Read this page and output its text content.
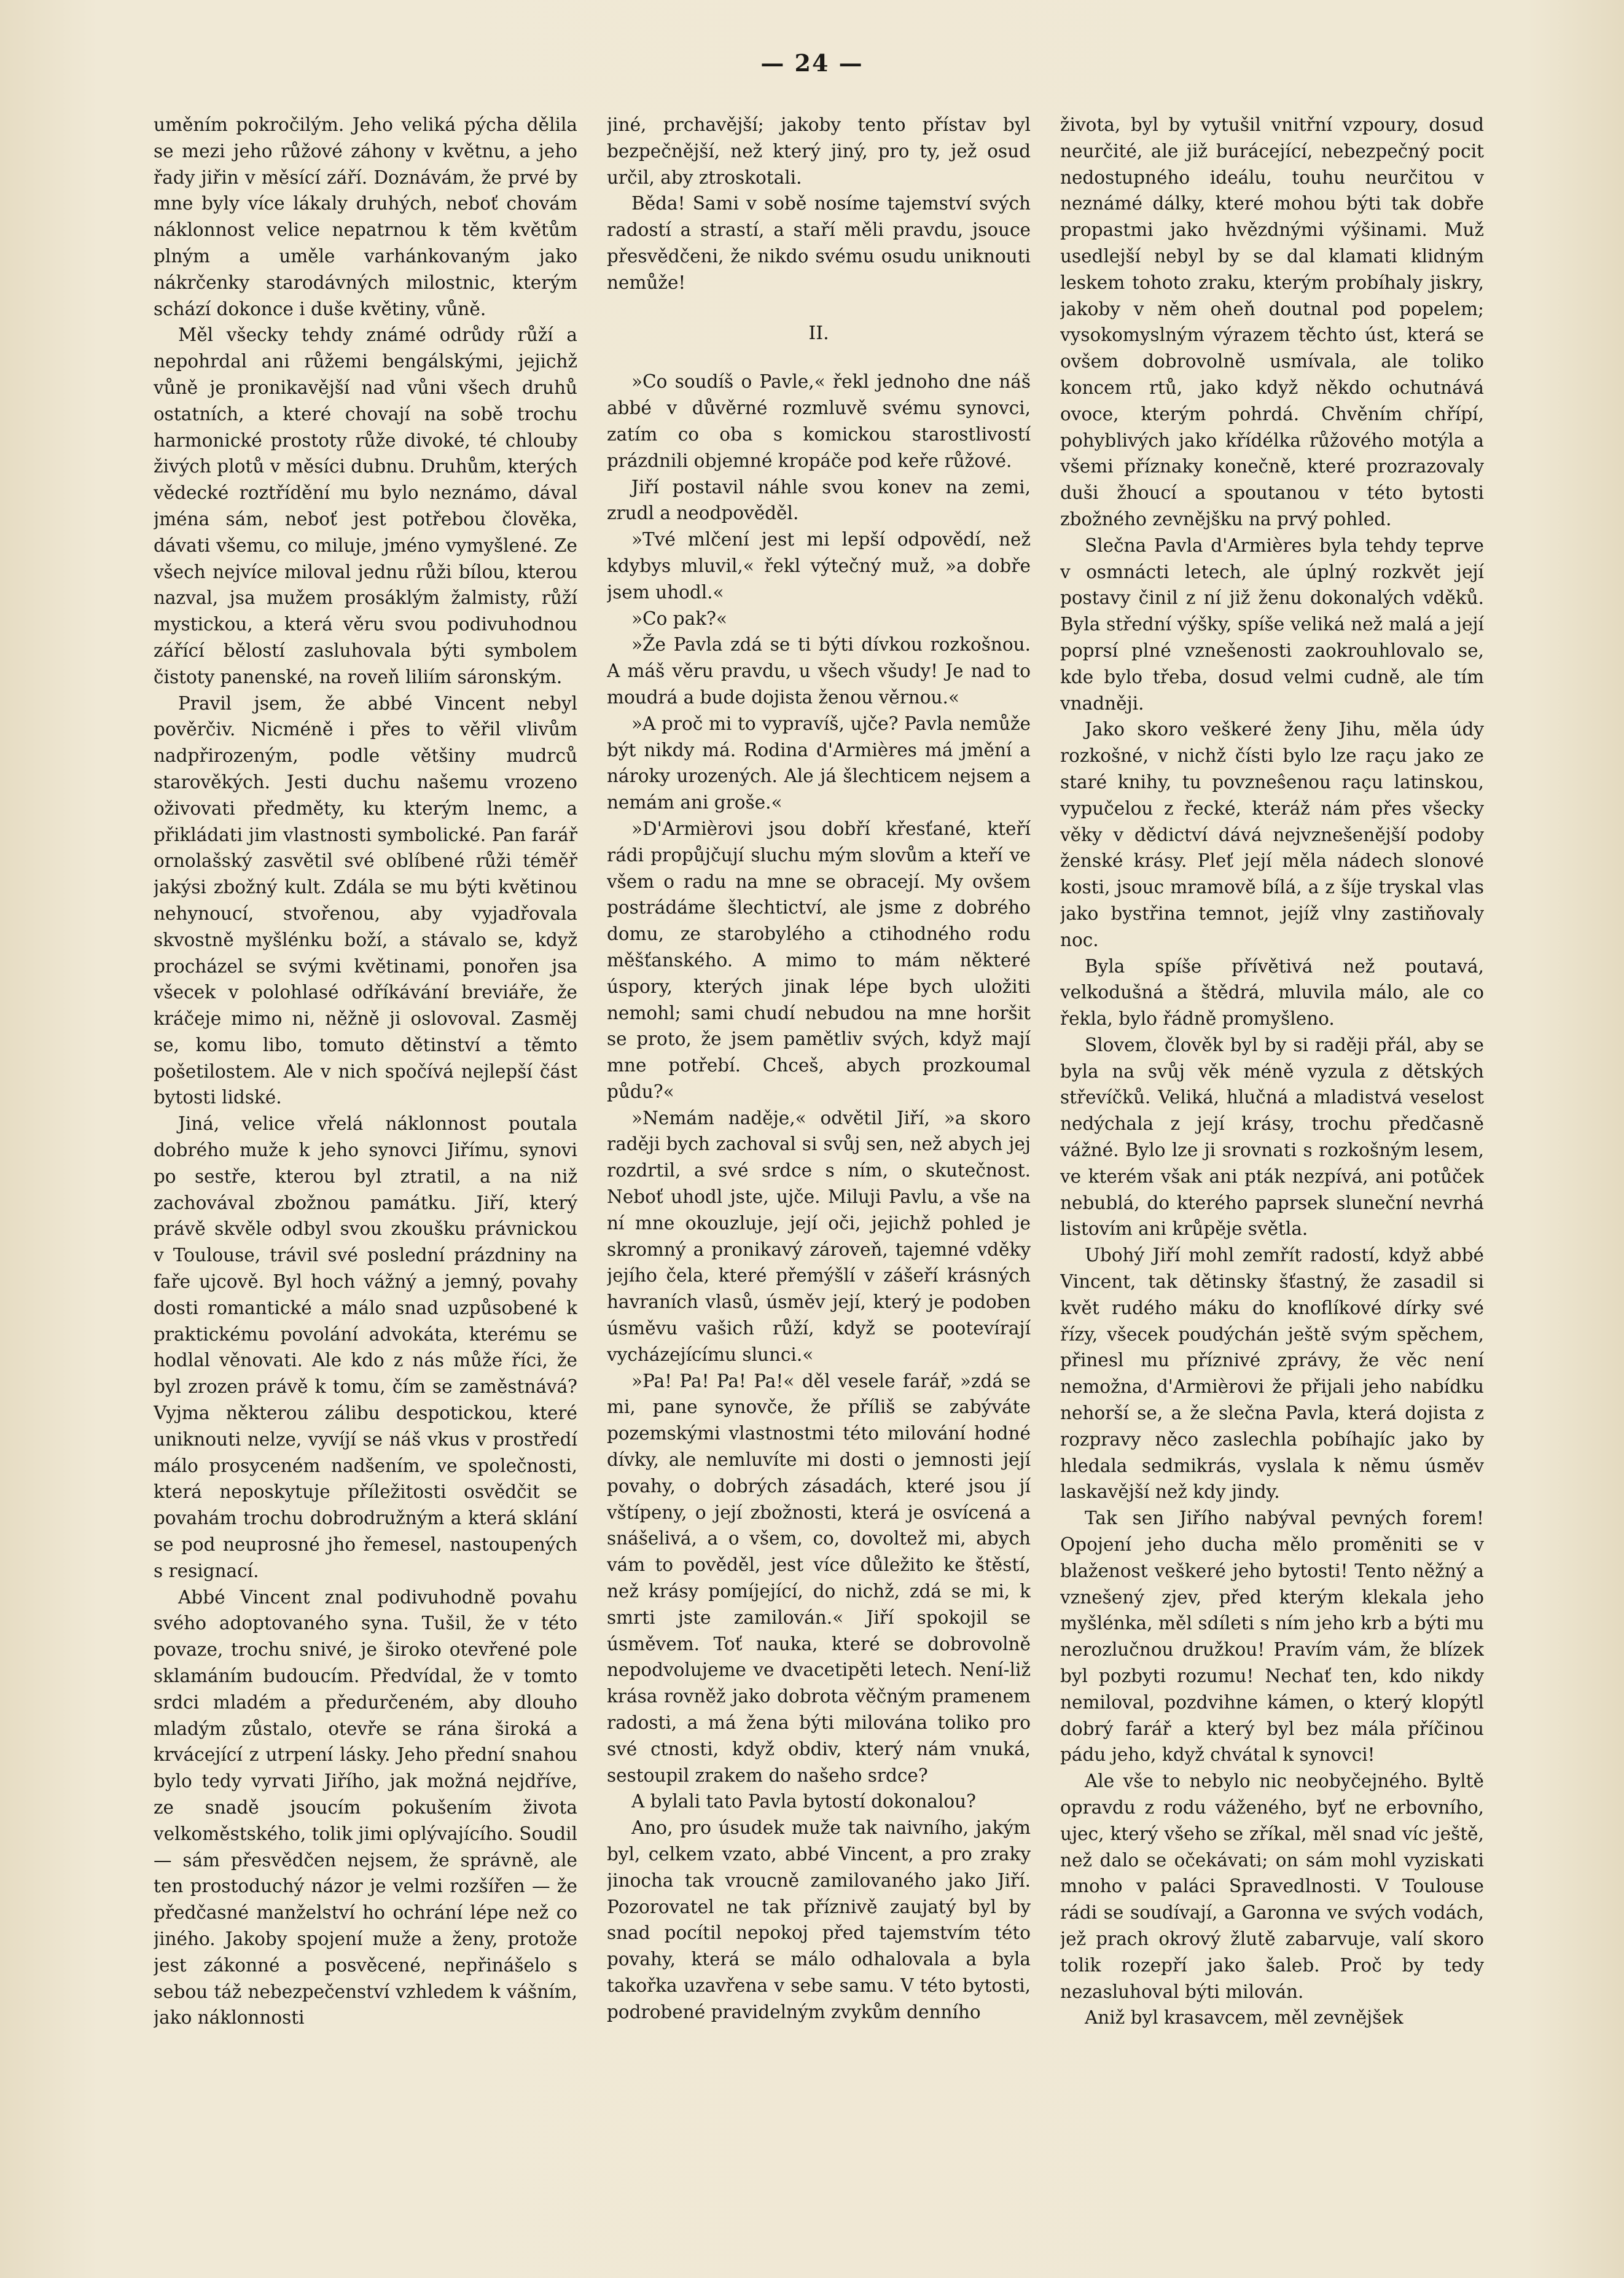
— 24 —

uměním pokročilým. Jeho veliká pýcha dělila se mezi jeho růžové záhony v květnu, a jeho řady jiřin v měsící září. Doznávám, že prvé by mne byly více lákaly druhých, neboť chovám náklonnost velice nepatrnou k těm květům plným a uměle varhánkovaným jako nákrčenky starodávných milostnic, kterým schází dokonce i duše květiny, vůně.

Měl všecky tehdy známé odrůdy růží a nepohrdal ani růžemi bengálskými, jejichž vůně je pronikavější nad vůni všech druhů ostatních, a které chovají na sobě trochu harmonické prostoty růže divoké, té chlouby živých plotů v měsíci dubnu. Druhům, kterých vědecké roztřídění mu bylo neznámo, dával jména sám, neboť jest potřebou člověka, dávati všemu, co miluje, jméno vymyšlené. Ze všech nejvíce miloval jednu růži bílou, kterou nazval, jsa mužem prosáklým žalmisty, růží mystickou, a která věru svou podivuhodnou zářící bělostí zasluhovala býti symbolem čistoty panenské, na roveň liliím sáronským.

Pravil jsem, že abbé Vincent nebyl pověrčiv. Nicméně i přes to věřil vlivům nadpřirozeným, podle většiny mudrců starověkých. Jesti duchu našemu vrozeno oživovati předměty, ku kterým lnemc, a přikládati jim vlastnosti symbolické. Pan farář ornolašský zasvětil své oblíbené růži téměř jakýsi zbožný kult. Zdála se mu býti květinou nehynoucí, stvořenou, aby vyjadřovala skvostně myšlénku boží, a stávalo se, když procházel se svými květinami, ponořen jsa všecek v polohlasé odříkávání breviáře, že kráčeje mimo ni, něžně ji oslovoval. Zasměj se, komu libo, tomuto dětinství a těmto pošetilostem. Ale v nich spočívá nejlepší část bytosti lidské.

Jiná, velice vřelá náklonnost poutala dobrého muže k jeho synovci Jiřímu, synovi po sestře, kterou byl ztratil, a na niž zachovával zbožnou památku. Jiří, který právě skvěle odbyl svou zkoušku právnickou v Toulouse, trávil své poslední prázdniny na faře ujcově. Byl hoch vážný a jemný, povahy dosti romantické a málo snad uzpůsobené k praktickému povolání advokáta, kterému se hodlal věnovati. Ale kdo z nás může říci, že byl zrozen právě k tomu, čím se zaměstnává? Vyjma některou zálibu despotickou, které uniknouti nelze, vyvíjí se náš vkus v prostředí málo prosyceném nadšením, ve společnosti, která neposkytuje příležitosti osvědčit se povahám trochu dobrodružným a která sklání se pod neuprosné jho řemesel, nastoupených s resignací.

Abbé Vincent znal podivuhodně povahu svého adoptovaného syna. Tušil, že v této povaze, trochu snivé, je široko otevřené pole sklamáním budoucím. Předvídal, že v tomto srdci mladém a předurčeném, aby dlouho mladým zůstalo, otevře se rána široká a krvácející z utrpení lásky. Jeho přední snahou bylo tedy vyrvati Jiřího, jak možná nejdříve, ze snadě jsoucím pokušením života velkoměstského, tolik jimi oplývajícího. Soudil — sám přesvědčen nejsem, že správně, ale ten prostoduchý názor je velmi rozšířen — že předčasné manželství ho ochrání lépe než co jiného. Jakoby spojení muže a ženy, protože jest zákonné a posvěcené, nepřinášelo s sebou táž nebezpečenství vzhledem k vášním, jako náklonnosti

jiné, prchavější; jakoby tento přístav byl bezpečnější, než který jiný, pro ty, jež osud určil, aby ztroskotali.

Běda! Sami v sobě nosíme tajemství svých radostí a strastí, a staří měli pravdu, jsouce přesvědčeni, že nikdo svému osudu uniknouti nemůže!

II.

»Co soudíš o Pavle,« řekl jednoho dne náš abbé v důvěrné rozmluvě svému synovci, zatím co oba s komickou starostlivostí prázdnili objemné kropáče pod keře růžové.

Jiří postavil náhle svou konev na zemi, zrudl a neodpověděl.

»Tvé mlčení jest mi lepší odpovědí, než kdybys mluvil,« řekl výtečný muž, »a dobře jsem uhodl.«

»Co pak?«

»Že Pavla zdá se ti býti dívkou rozkošnou. A máš věru pravdu, u všech všudy! Je nad to moudrá a bude dojista ženou věrnou.«

»A proč mi to vypravíš, ujče? Pavla nemůže být nikdy má. Rodina d'Armières má jmění a nároky urozených. Ale já šlechticem nejsem a nemám ani groše.«

»D'Armièrovi jsou dobří křesťané, kteří rádi propůjčují sluchu mým slovům a kteří ve všem o radu na mne se obracejí. My ovšem postrádáme šlechtictví, ale jsme z dobrého domu, ze starobylého a ctihodného rodu měšťanského. A mimo to mám některé úspory, kterých jinak lépe bych uložiti nemohl; sami chudí nebudou na mne horšit se proto, že jsem pamětliv svých, když mají mne potřebí. Chceš, abych prozkoumal půdu?«

»Nemám naděje,« odvětil Jiří, »a skoro raději bych zachoval si svůj sen, než abych jej rozdrtil, a své srdce s ním, o skutečnost. Neboť uhodl jste, ujče. Miluji Pavlu, a vše na ní mne okouzluje, její oči, jejichž pohled je skromný a pronikavý zároveň, tajemné vděky jejího čela, které přemýšlí v zášeří krásných havraních vlasů, úsměv její, který je podoben úsměvu vašich růží, když se pootevírají vycházejícímu slunci.«

»Pa! Pa! Pa! Pa!« děl vesele farář, »zdá se mi, pane synovče, že příliš se zabýváte pozemskými vlastnostmi této milování hodné dívky, ale nemluvíte mi dosti o jemnosti její povahy, o dobrých zásadách, které jsou jí vštípeny, o její zbožnosti, která je osvícená a snášelivá, a o všem, co, dovoltež mi, abych vám to pověděl, jest více důležito ke štěstí, než krásy pomíjející, do nichž, zdá se mi, k smrti jste zamilován.« Jiří spokojil se úsměvem. Toť nauka, které se dobrovolně nepodvolujeme ve dvacetipěti letech. Není-liž krása rovněž jako dobrota věčným pramenem radosti, a má žena býti milována toliko pro své ctnosti, když obdiv, který nám vnuká, sestoupil zrakem do našeho srdce?

A bylali tato Pavla bytostí dokonalou?

Ano, pro úsudek muže tak naivního, jakým byl, celkem vzato, abbé Vincent, a pro zraky jinocha tak vroucně zamilovaného jako Jiří. Pozorovatel ne tak příznivě zaujatý byl by snad pocítil nepokoj před tajemstvím této povahy, která se málo odhalovala a byla takořka uzavřena v sebe samu. V této bytosti, podrobené pravidelným zvykům denního

života, byl by vytušil vnitřní vzpoury, dosud neurčité, ale již burácející, nebezpečný pocit nedostupného ideálu, touhu neurčitou v neznámé dálky, které mohou býti tak dobře propastmi jako hvězdnými výšinami. Muž usedlejší nebyl by se dal klamati klidným leskem tohoto zraku, kterým probíhaly jiskry, jakoby v něm oheň doutnal pod popelem; vysokomyslným výrazem těchto úst, která se ovšem dobrovolně usmívala, ale toliko koncem rtů, jako když někdo ochutnává ovoce, kterým pohrdá. Chvěním chřípí, pohyblivých jako křídélka růžového motýla a všemi příznaky konečně, které prozrazovaly duši žhoucí a spoutanou v této bytosti zbožného zevnějšku na prvý pohled.

Slečna Pavla d'Armières byla tehdy teprve v osmnácti letech, ale úplný rozkvět její postavy činil z ní již ženu dokonalých vděků. Byla střední výšky, spíše veliká než malá a její poprsí plné vznešenosti zaokrouhlovalo se, kde bylo třeba, dosud velmi cudně, ale tím vnadněji.

Jako skoro veškeré ženy Jihu, měla údy rozkošné, v nichž čísti bylo lze raçu jako ze staré knihy, tu povzneŝenou raçu latinskou, vypučelou z řecké, kteráž nám přes všecky věky v dědictví dává nejvznešenější podoby ženské krásy. Pleť její měla nádech slonové kosti, jsouc mramově bílá, a z šíje tryskal vlas jako bystřina temnot, jejíž vlny zastiňovaly noc.

Byla spíše přívětivá než poutavá, velkodušná a štědrá, mluvila málo, ale co řekla, bylo řádně promyšleno.

Slovem, člověk byl by si raději přál, aby se byla na svůj věk méně vyzula z dětských střevíčků. Veliká, hlučná a mladistvá veselost nedýchala z její krásy, trochu předčasně vážné. Bylo lze ji srovnati s rozkošným lesem, ve kterém však ani pták nezpívá, ani potůček nebublá, do kterého paprsek sluneční nevrhá listovím ani krůpěje světla.

Ubohý Jiří mohl zemřít radostí, když abbé Vincent, tak dětinsky šťastný, že zasadil si květ rudého máku do knoflíkové dírky své řízy, všecek poudýchán ještě svým spěchem, přinesl mu příznivé zprávy, že věc není nemožna, d'Armièrovi že přijali jeho nabídku nehorší se, a že slečna Pavla, která dojista z rozpravy něco zaslechla pobíhajíc jako by hledala sedmikrás, vyslala k němu úsměv laskavější než kdy jindy.

Tak sen Jiřího nabýval pevných forem! Opojení jeho ducha mělo proměniti se v blaženost veškeré jeho bytosti! Tento něžný a vznešený zjev, před kterým klekala jeho myšlénka, měl sdíleti s ním jeho krb a býti mu nerozlučnou družkou! Pravím vám, že blízek byl pozbyti rozumu! Nechať ten, kdo nikdy nemiloval, pozdvihne kámen, o který klopýtl dobrý farář a který byl bez mála příčinou pádu jeho, když chvátal k synovci!

Ale vše to nebylo nic neobyčejného. Byltě opravdu z rodu váženého, byť ne erbovního, ujec, který všeho se zříkal, měl snad víc ještě, než dalo se očekávati; on sám mohl vyziskati mnoho v paláci Spravedlnosti. V Toulouse rádi se soudívají, a Garonna ve svých vodách, jež prach okrový žlutě zabarvuje, valí skoro tolik rozepří jako šaleb. Proč by tedy nezasluhoval býti milován.

Aniž byl krasavcem, měl zevnějšek
